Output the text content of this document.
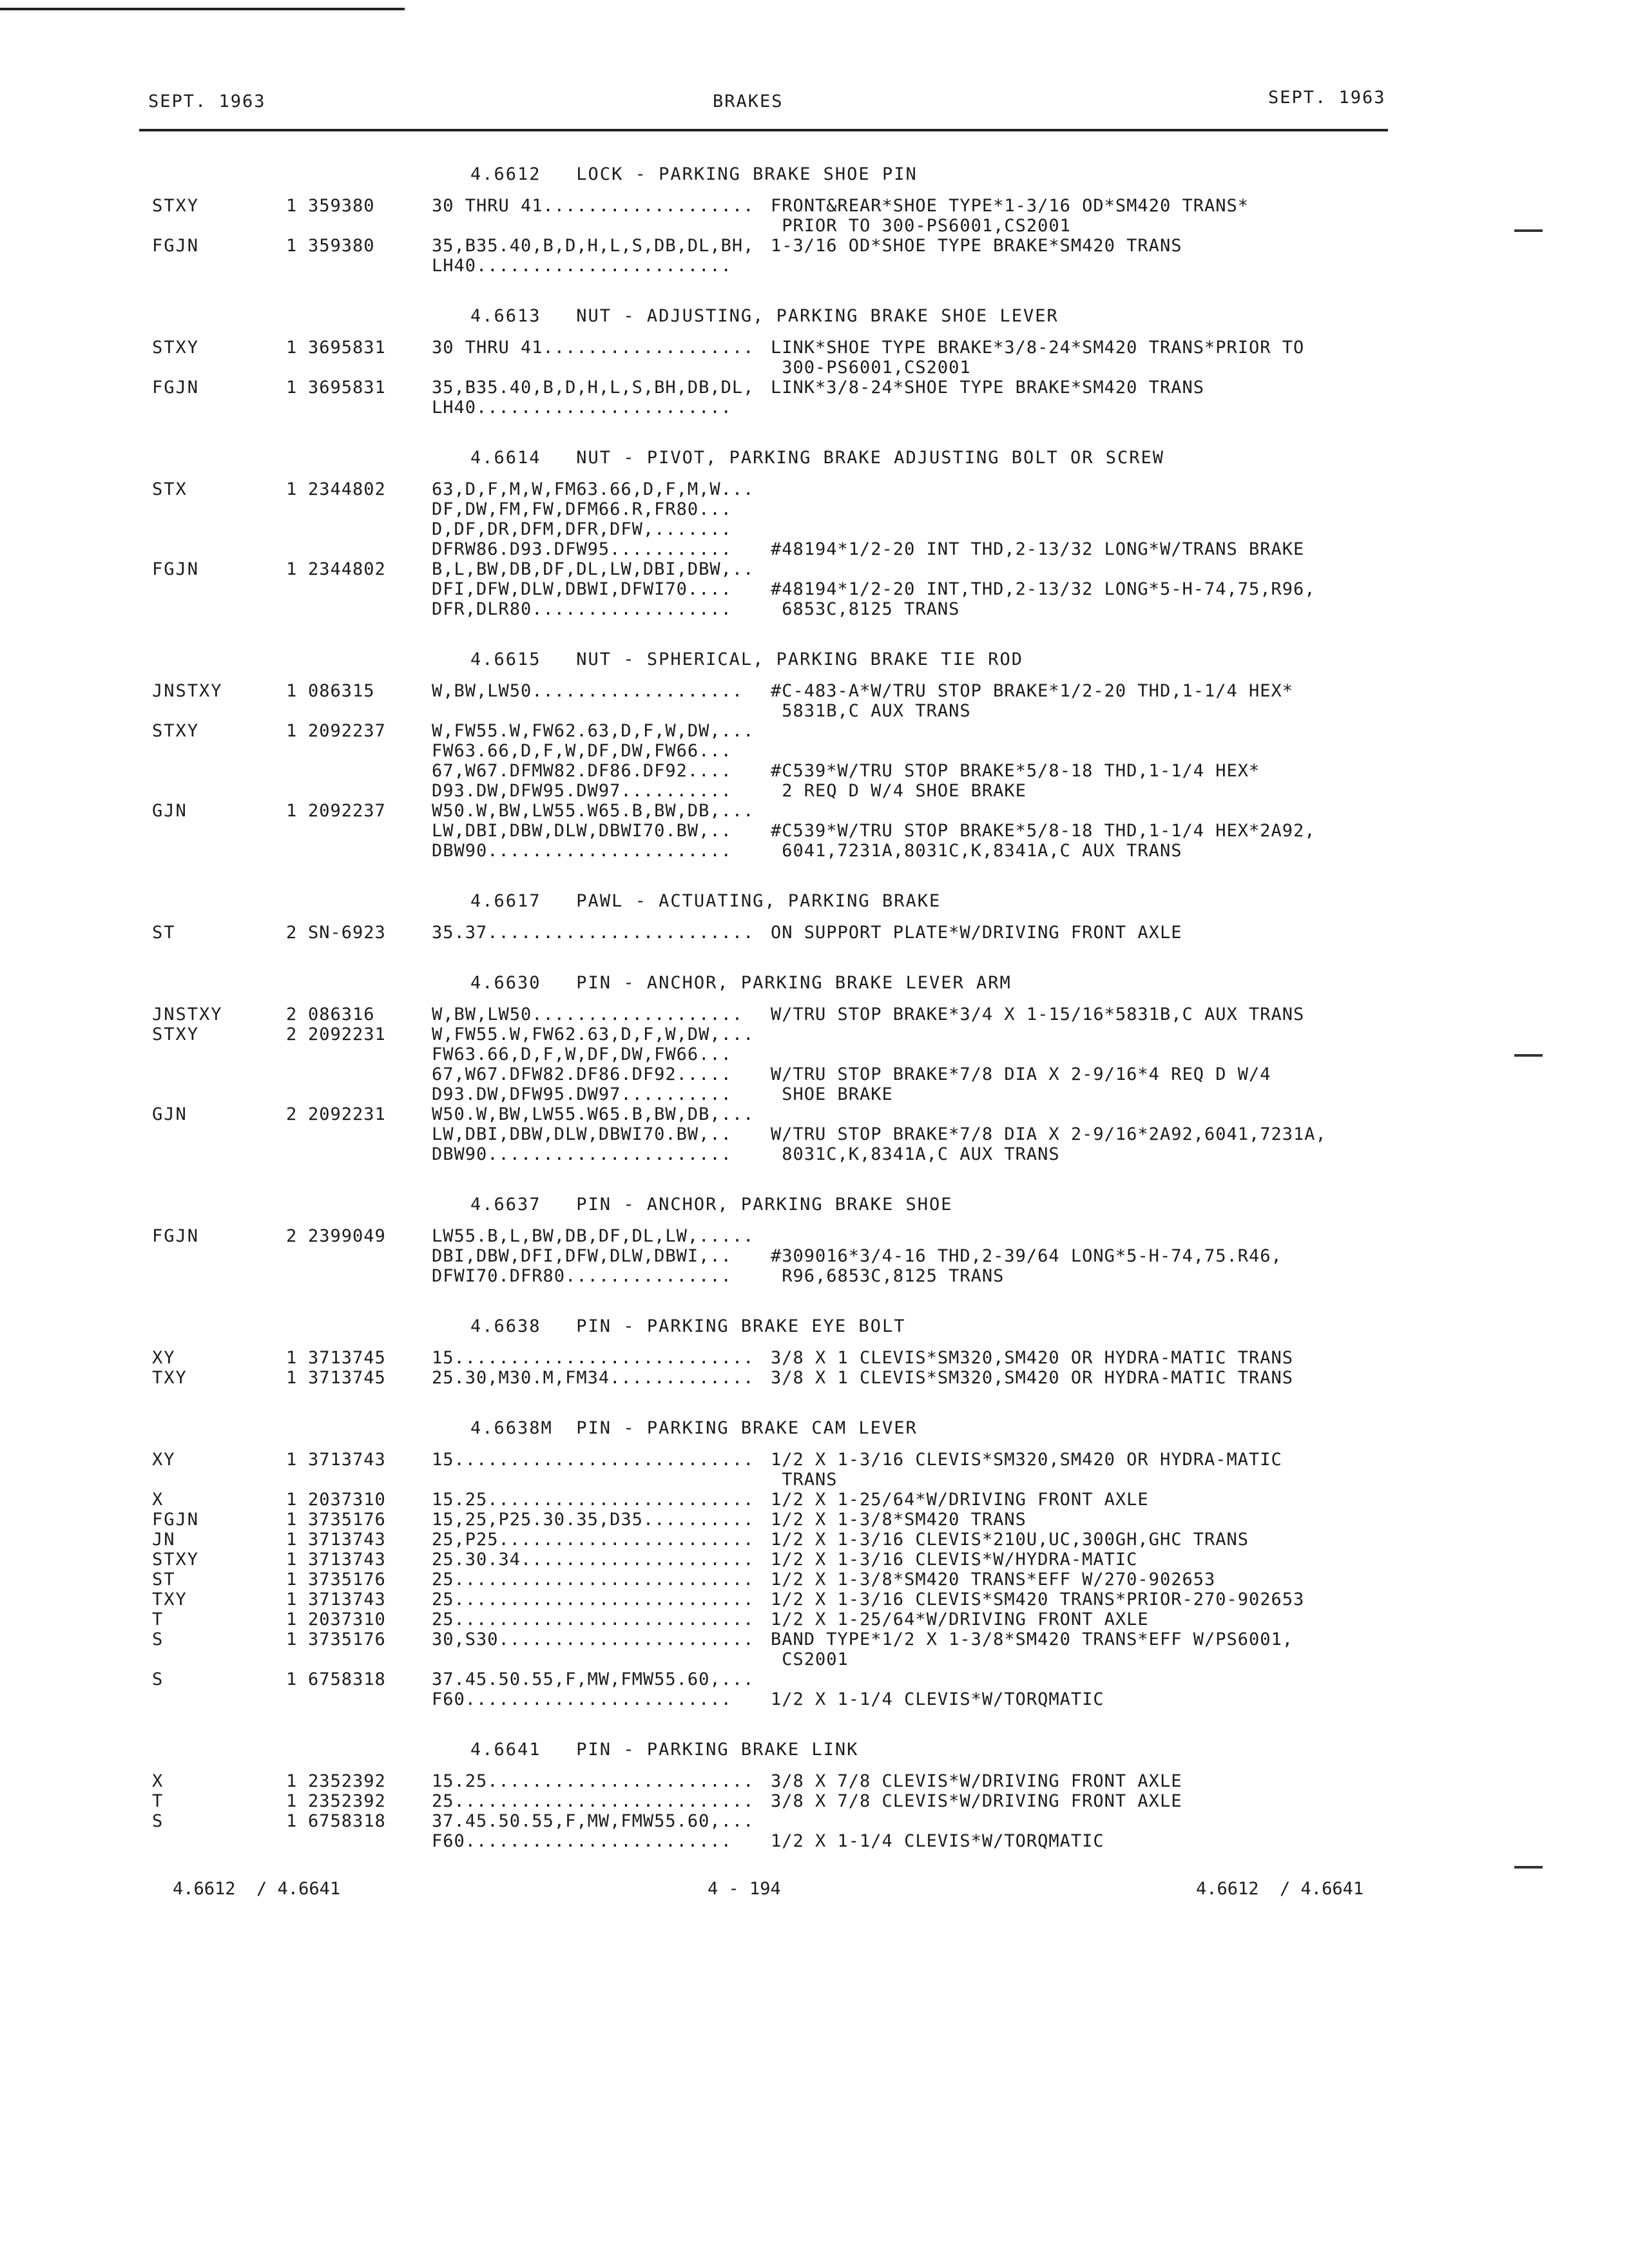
SEPT. 1963	BRAKES	SEPT. 1963
4.6612   LOCK - PARKING BRAKE SHOE PIN
STXY	1 359380	30 THRU 41................... FRONT&REAR*SHOE TYPE*1-3/16 OD*SM420 TRANS*
PRIOR TO 300-PS6001,CS2001
FGJN	1 359380	35,B35.40,B,D,H,L,S,DB,DL,BH, 1-3/16 OD*SHOE TYPE BRAKE*SM420 TRANS
LH40.......................
4.6613   NUT - ADJUSTING, PARKING BRAKE SHOE LEVER
STXY	1 3695831	30 THRU 41................... LINK*SHOE TYPE BRAKE*3/8-24*SM420 TRANS*PRIOR TO
300-PS6001,CS2001
FGJN	1 3695831	35,B35.40,B,D,H,L,S,BH,DB,DL, LINK*3/8-24*SHOE TYPE BRAKE*SM420 TRANS
LH40.......................
4.6614   NUT - PIVOT, PARKING BRAKE ADJUSTING BOLT OR SCREW
STX	1 2344802	63,D,F,M,W,FM63.66,D,F,M,W...
DF,DW,FM,FW,DFM66.R,FR80...
D,DF,DR,DFM,DFR,DFW,.......
DFRW86.D93.DFW95........... #48194*1/2-20 INT THD,2-13/32 LONG*W/TRANS BRAKE
FGJN	1 2344802	B,L,BW,DB,DF,DL,LW,DBI,DBW,..
DFI,DFW,DLW,DBWI,DFWI70.... #48194*1/2-20 INT,THD,2-13/32 LONG*5-H-74,75,R96,
DFR,DLR80.................. 6853C,8125 TRANS
4.6615   NUT - SPHERICAL, PARKING BRAKE TIE ROD
JNSTXY	1 086315	W,BW,LW50................... #C-483-A*W/TRU STOP BRAKE*1/2-20 THD,1-1/4 HEX*
5831B,C AUX TRANS
STXY	1 2092237	W,FW55.W,FW62.63,D,F,W,DW,...
FW63.66,D,F,W,DF,DW,FW66...
67,W67.DFMW82.DF86.DF92.... #C539*W/TRU STOP BRAKE*5/8-18 THD,1-1/4 HEX*
D93.DW,DFW95.DW97.......... 2 REQ D W/4 SHOE BRAKE
GJN	1 2092237	W50.W,BW,LW55.W65.B,BW,DB,...
LW,DBI,DBW,DLW,DBWI70.BW,.. #C539*W/TRU STOP BRAKE*5/8-18 THD,1-1/4 HEX*2A92,
DBW90...................... 6041,7231A,8031C,K,8341A,C AUX TRANS
4.6617   PAWL - ACTUATING, PARKING BRAKE
ST	2 SN-6923	35.37........................ ON SUPPORT PLATE*W/DRIVING FRONT AXLE
4.6630   PIN - ANCHOR, PARKING BRAKE LEVER ARM
JNSTXY	2 086316	W,BW,LW50................... W/TRU STOP BRAKE*3/4 X 1-15/16*5831B,C AUX TRANS
STXY	2 2092231	W,FW55.W,FW62.63,D,F,W,DW,...
FW63.66,D,F,W,DF,DW,FW66...
67,W67.DFW82.DF86.DF92..... W/TRU STOP BRAKE*7/8 DIA X 2-9/16*4 REQ D W/4
D93.DW,DFW95.DW97.......... SHOE BRAKE
GJN	2 2092231	W50.W,BW,LW55.W65.B,BW,DB,...
LW,DBI,DBW,DLW,DBWI70.BW,.. W/TRU STOP BRAKE*7/8 DIA X 2-9/16*2A92,6041,7231A,
DBW90...................... 8031C,K,8341A,C AUX TRANS
4.6637   PIN - ANCHOR, PARKING BRAKE SHOE
FGJN	2 2399049	LW55.B,L,BW,DB,DF,DL,LW,.....
DBI,DBW,DFI,DFW,DLW,DBWI,.. #309016*3/4-16 THD,2-39/64 LONG*5-H-74,75.R46,
DFWI70.DFR80............... R96,6853C,8125 TRANS
4.6638   PIN - PARKING BRAKE EYE BOLT
XY	1 3713745	15........................... 3/8 X 1 CLEVIS*SM320,SM420 OR HYDRA-MATIC TRANS
TXY	1 3713745	25.30,M30.M,FM34............. 3/8 X 1 CLEVIS*SM320,SM420 OR HYDRA-MATIC TRANS
4.6638M  PIN - PARKING BRAKE CAM LEVER
XY	1 3713743	15........................... 1/2 X 1-3/16 CLEVIS*SM320,SM420 OR HYDRA-MATIC
TRANS
X	1 2037310	15.25........................ 1/2 X 1-25/64*W/DRIVING FRONT AXLE
FGJN	1 3735176	15,25,P25.30.35,D35.......... 1/2 X 1-3/8*SM420 TRANS
JN	1 3713743	25,P25....................... 1/2 X 1-3/16 CLEVIS*210U,UC,300GH,GHC TRANS
STXY	1 3713743	25.30.34..................... 1/2 X 1-3/16 CLEVIS*W/HYDRA-MATIC
ST	1 3735176	25........................... 1/2 X 1-3/8*SM420 TRANS*EFF W/270-902653
TXY	1 3713743	25........................... 1/2 X 1-3/16 CLEVIS*SM420 TRANS*PRIOR-270-902653
T	1 2037310	25........................... 1/2 X 1-25/64*W/DRIVING FRONT AXLE
S	1 3735176	30,S30....................... BAND TYPE*1/2 X 1-3/8*SM420 TRANS*EFF W/PS6001,
CS2001
S	1 6758318	37.45.50.55,F,MW,FMW55.60,...
F60........................ 1/2 X 1-1/4 CLEVIS*W/TORQMATIC
4.6641   PIN - PARKING BRAKE LINK
X	1 2352392	15.25........................ 3/8 X 7/8 CLEVIS*W/DRIVING FRONT AXLE
T	1 2352392	25........................... 3/8 X 7/8 CLEVIS*W/DRIVING FRONT AXLE
S	1 6758318	37.45.50.55,F,MW,FMW55.60,...
F60........................ 1/2 X 1-1/4 CLEVIS*W/TORQMATIC
4.6612  / 4.6641	4 - 194	4.6612  / 4.6641
